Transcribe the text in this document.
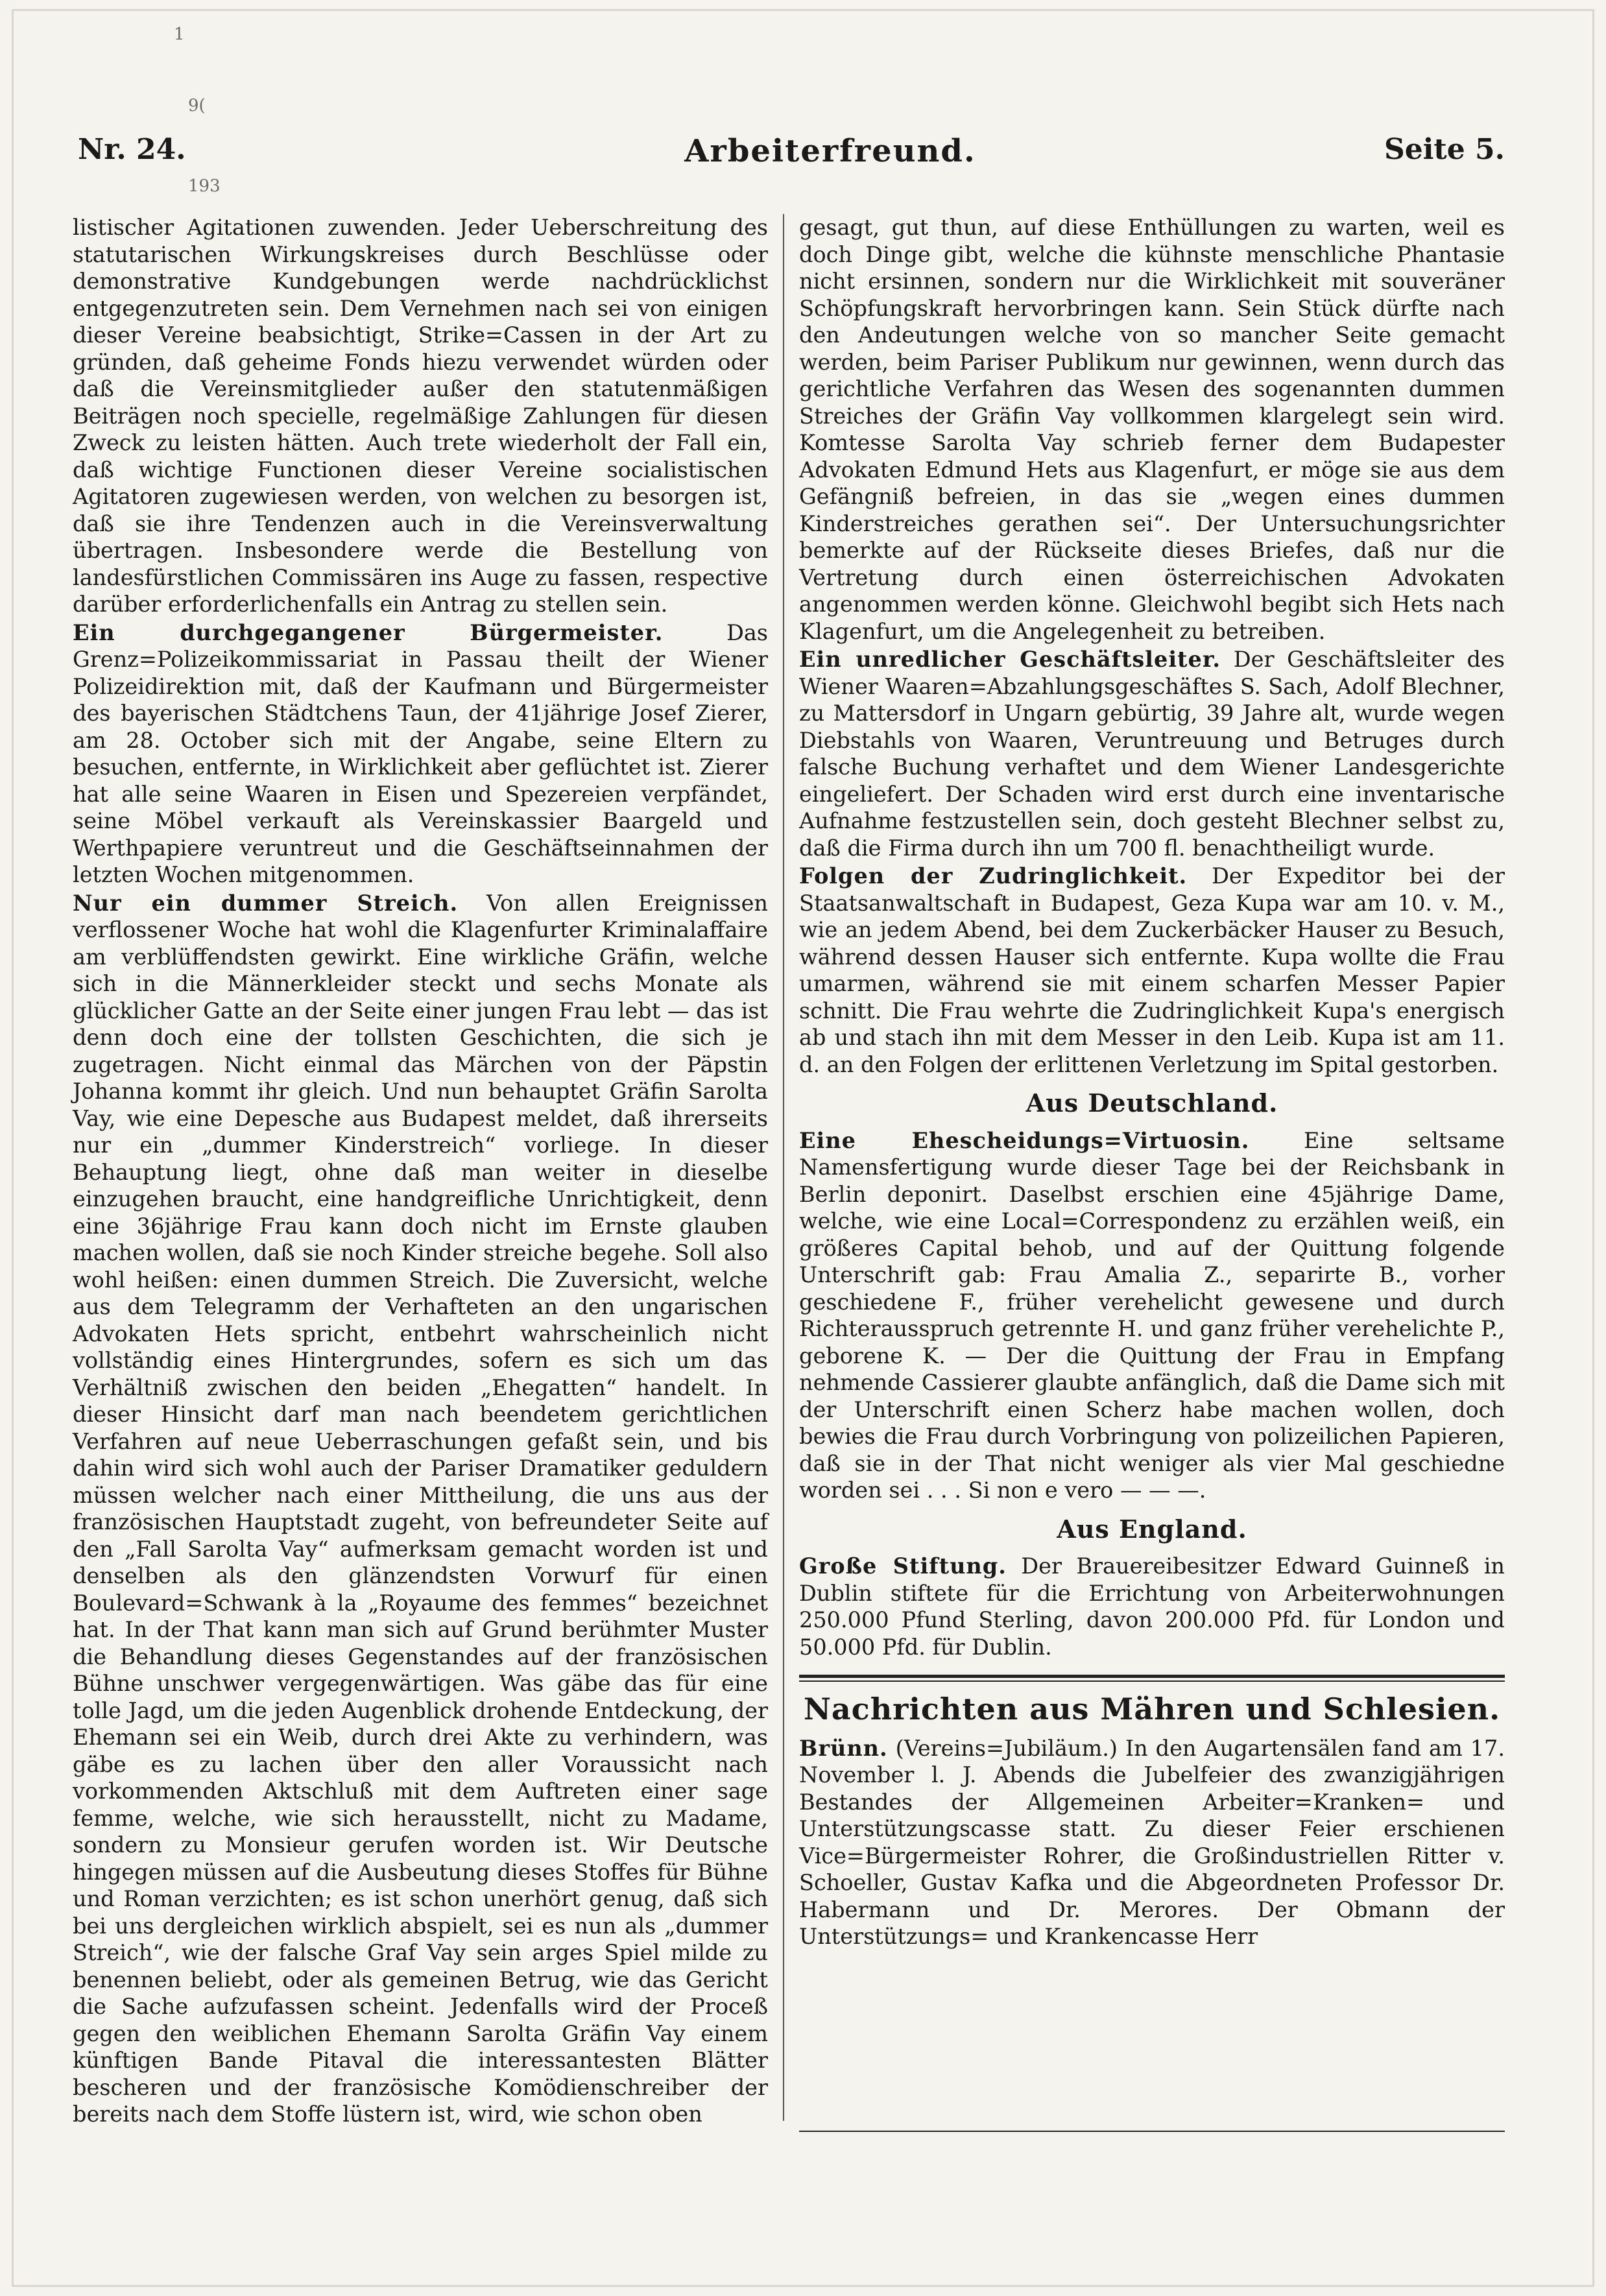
1
9(
193
Nr. 24.	Arbeiterfreund.	Seite 5.

listischer Agitationen zuwenden. Jeder Ueberschreitung des statutarischen Wirkungskreises durch Beschlüsse oder demonstrative Kundgebungen werde nachdrücklichst entgegenzutreten sein. Dem Vernehmen nach sei von einigen dieser Vereine beabsichtigt, Strike=Cassen in der Art zu gründen, daß geheime Fonds hiezu verwendet würden oder daß die Vereinsmitglieder außer den statutenmäßigen Beiträgen noch specielle, regelmäßige Zahlungen für diesen Zweck zu leisten hätten. Auch trete wiederholt der Fall ein, daß wichtige Functionen dieser Vereine socialistischen Agitatoren zugewiesen werden, von welchen zu besorgen ist, daß sie ihre Tendenzen auch in die Vereinsverwaltung übertragen. Insbesondere werde die Bestellung von landesfürstlichen Commissären ins Auge zu fassen, respective darüber erforderlichenfalls ein Antrag zu stellen sein.

Ein durchgegangener Bürgermeister.	Das Grenz=Polizeikommissariat in Passau theilt der Wiener Polizeidirektion mit, daß der Kaufmann und Bürgermeister des bayerischen Städtchens Taun, der 41jährige Josef Zierer, am 28. October sich mit der Angabe, seine Eltern zu besuchen, entfernte, in Wirklichkeit aber geflüchtet ist. Zierer hat alle seine Waaren in Eisen und Spezereien verpfändet, seine Möbel verkauft als Vereinskassier Baargeld und Werthpapiere veruntreut und die Geschäftseinnahmen der letzten Wochen mitgenommen.

Nur ein dummer Streich. Von allen Ereignissen verflossener Woche hat wohl die Klagenfurter Kriminalaffaire am verblüffendsten gewirkt. Eine wirkliche Gräfin, welche sich in die Männerkleider steckt und sechs Monate als glücklicher Gatte an der Seite einer jungen Frau lebt — das ist denn doch eine der tollsten Geschichten, die sich je zugetragen. Nicht einmal das Märchen von der Päpstin Johanna kommt ihr gleich. Und nun behauptet Gräfin Sarolta Vay, wie eine Depesche aus Budapest meldet, daß ihrerseits nur ein „dummer Kinderstreich“ vorliege. In dieser Behauptung liegt, ohne daß man weiter in dieselbe einzugehen braucht, eine handgreifliche Unrichtigkeit, denn eine 36jährige Frau kann doch nicht im Ernste glauben machen wollen, daß sie noch Kinder streiche begehe. Soll also wohl heißen: einen dummen Streich. Die Zuversicht, welche aus dem Telegramm der Verhafteten an den ungarischen Advokaten Hets spricht, entbehrt wahrscheinlich nicht vollständig eines Hintergrundes, sofern es sich um das Verhältniß zwischen den beiden „Ehegatten“ handelt. In dieser Hinsicht darf man nach beendetem gerichtlichen Verfahren auf neue Ueberraschungen gefaßt sein, und bis dahin wird sich wohl auch der Pariser Dramatiker geduldern müssen welcher nach einer Mittheilung, die uns aus der französischen Hauptstadt zugeht, von befreundeter Seite auf den „Fall Sarolta Vay“ aufmerksam gemacht worden ist und denselben als den glänzendsten Vorwurf für einen Boulevard=Schwank à la „Royaume des femmes“ bezeichnet hat. In der That kann man sich auf Grund berühmter Muster die Behandlung dieses Gegenstandes auf der französischen Bühne unschwer vergegenwärtigen. Was gäbe das für eine tolle Jagd, um die jeden Augenblick drohende Entdeckung, der Ehemann sei ein Weib, durch drei Akte zu verhindern, was gäbe es zu lachen über den aller Voraussicht nach vorkommenden Aktschluß mit dem Auftreten einer sage femme, welche, wie sich herausstellt, nicht zu Madame, sondern zu Monsieur gerufen worden ist. Wir Deutsche hingegen müssen auf die Ausbeutung dieses Stoffes für Bühne und Roman verzichten; es ist schon unerhört genug, daß sich bei uns dergleichen wirklich abspielt, sei es nun als „dummer Streich“, wie der falsche Graf Vay sein arges Spiel milde zu benennen beliebt, oder als gemeinen Betrug, wie das Gericht die Sache aufzufassen scheint. Jedenfalls wird der Proceß gegen den weiblichen Ehemann Sarolta Gräfin Vay einem künftigen Bande Pitaval die interessantesten Blätter bescheren und der französische Komödienschreiber der bereits nach dem Stoffe lüstern ist, wird, wie schon oben

gesagt, gut thun, auf diese Enthüllungen zu warten, weil es doch Dinge gibt, welche die kühnste menschliche Phantasie nicht ersinnen, sondern nur die Wirklichkeit mit souveräner Schöpfungskraft hervorbringen kann. Sein Stück dürfte nach den Andeutungen welche von so mancher Seite gemacht werden, beim Pariser Publikum nur gewinnen, wenn durch das gerichtliche Verfahren das Wesen des sogenannten dummen Streiches der Gräfin Vay vollkommen klargelegt sein wird. Komtesse Sarolta Vay schrieb ferner dem Budapester Advokaten Edmund Hets aus Klagenfurt, er möge sie aus dem Gefängniß befreien, in das sie „wegen eines dummen Kinderstreiches gerathen sei“. Der Untersuchungsrichter bemerkte auf der Rückseite dieses Briefes, daß nur die Vertretung durch einen österreichischen Advokaten angenommen werden könne. Gleichwohl begibt sich Hets nach Klagenfurt, um die Angelegenheit zu betreiben.

Ein unredlicher Geschäftsleiter. Der Geschäftsleiter des Wiener Waaren=Abzahlungsgeschäftes S. Sach, Adolf Blechner, zu Mattersdorf in Ungarn gebürtig, 39 Jahre alt, wurde wegen Diebstahls von Waaren, Veruntreuung und Betruges durch falsche Buchung verhaftet und dem Wiener Landesgerichte eingeliefert. Der Schaden wird erst durch eine inventarische Aufnahme festzustellen sein, doch gesteht Blechner selbst zu, daß die Firma durch ihn um 700 fl. benachtheiligt wurde.

Folgen der Zudringlichkeit. Der Expeditor bei der Staatsanwaltschaft in Budapest, Geza Kupa war am 10. v. M., wie an jedem Abend, bei dem Zuckerbäcker Hauser zu Besuch, während dessen Hauser sich entfernte. Kupa wollte die Frau umarmen, während sie mit einem scharfen Messer Papier schnitt. Die Frau wehrte die Zudringlichkeit Kupa's energisch ab und stach ihn mit dem Messer in den Leib. Kupa ist am 11. d. an den Folgen der erlittenen Verletzung im Spital gestorben.

Aus Deutschland.

Eine Ehescheidungs=Virtuosin. Eine seltsame Namensfertigung wurde dieser Tage bei der Reichsbank in Berlin deponirt. Daselbst erschien eine 45jährige Dame, welche, wie eine Local=Correspondenz zu erzählen weiß, ein größeres Capital behob, und auf der Quittung folgende Unterschrift gab: Frau Amalia Z., separirte B., vorher geschiedene F., früher verehelicht gewesene und durch Richterausspruch getrennte H. und ganz früher verehelichte P., geborene K. — Der die Quittung der Frau in Empfang nehmende Cassierer glaubte anfänglich, daß die Dame sich mit der Unterschrift einen Scherz habe machen wollen, doch bewies die Frau durch Vorbringung von polizeilichen Papieren, daß sie in der That nicht weniger als vier Mal geschiedne worden sei . . . Si non e vero — — —.

Aus England.

Große Stiftung. Der Brauereibesitzer Edward Guinneß in Dublin stiftete für die Errichtung von Arbeiterwohnungen 250.000 Pfund Sterling, davon 200.000 Pfd. für London und 50.000 Pfd. für Dublin.

Nachrichten aus Mähren und Schlesien.

Brünn. (Vereins=Jubiläum.) In den Augartensälen fand am 17. November l. J. Abends die Jubelfeier des zwanzigjährigen Bestandes der Allgemeinen Arbeiter=Kranken= und Unterstützungscasse statt. Zu dieser Feier erschienen Vice=Bürgermeister Rohrer, die Großindustriellen Ritter v. Schoeller, Gustav Kafka und die Abgeordneten Professor Dr. Habermann und Dr. Merores. Der Obmann der Unterstützungs= und Krankencasse Herr
